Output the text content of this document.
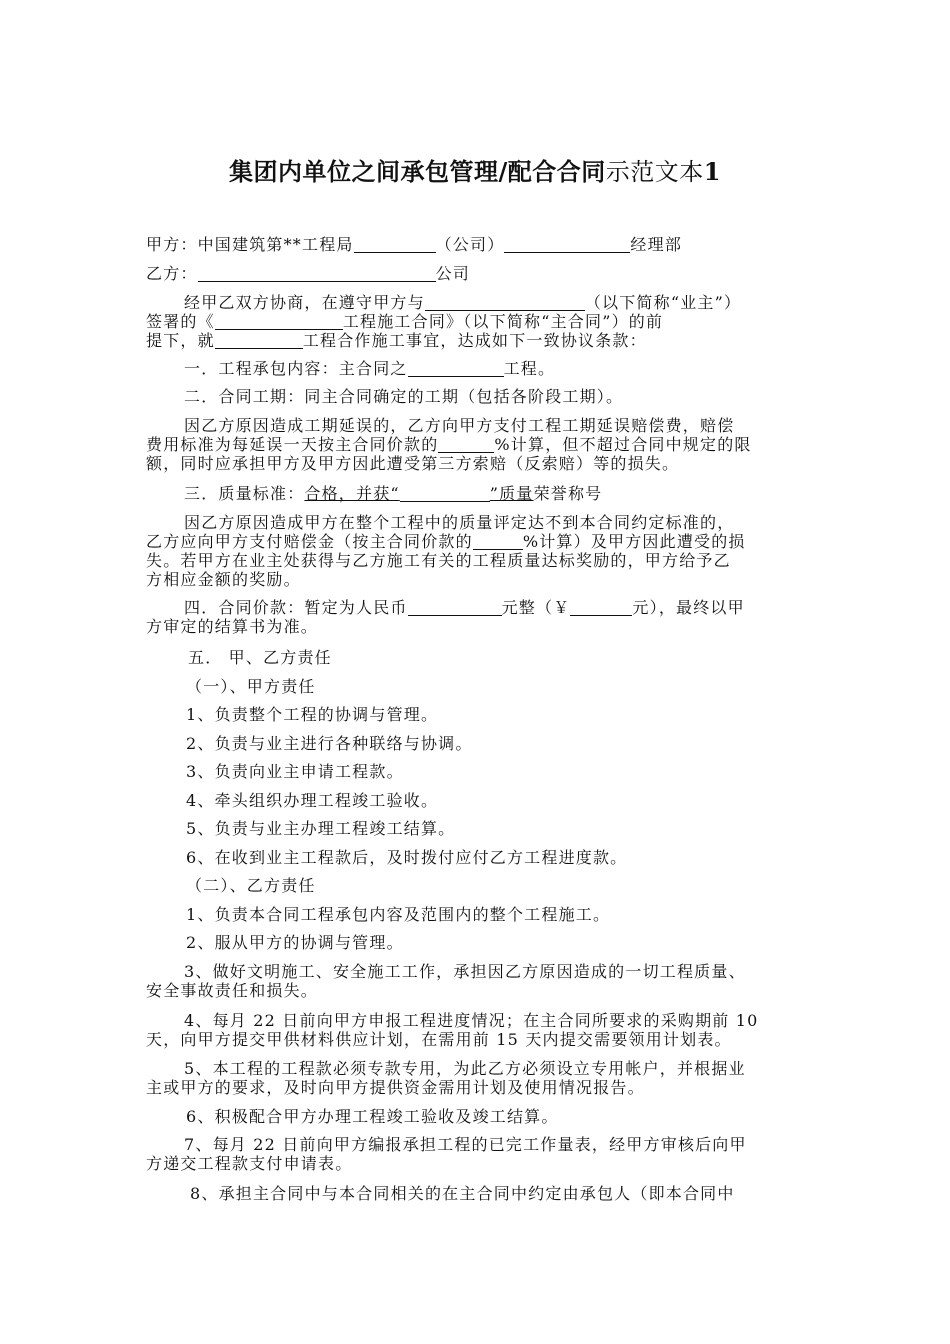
集团内单位之间承包管理/配合合同示范文本1
甲方：中国建筑第**工程局	（公司）	经理部
乙方：	公司
经甲乙双方协商，在遵守甲方与	（以下简称“业主”）
签署的《	工程施工合同》（以下简称“主合同”）的前
提下，就	工程合作施工事宜，达成如下一致协议条款：
一．工程承包内容：主合同之	工程。
二．合同工期：同主合同确定的工期（包括各阶段工期）。
因乙方原因造成工期延误的，乙方向甲方支付工程工期延误赔偿费，赔偿
费用标准为每延误一天按主合同价款的	%计算，但不超过合同中规定的限
额，同时应承担甲方及甲方因此遭受第三方索赔（反索赔）等的损失。
三．质量标准：合格，并获“	”质量荣誉称号
因乙方原因造成甲方在整个工程中的质量评定达不到本合同约定标准的，
乙方应向甲方支付赔偿金（按主合同价款的	%计算）及甲方因此遭受的损
失。若甲方在业主处获得与乙方施工有关的工程质量达标奖励的，甲方给予乙
方相应金额的奖励。
四．合同价款：暂定为人民币	元整（￥	元），最终以甲
方审定的结算书为准。
五． 甲、乙方责任
（一）、甲方责任
1、负责整个工程的协调与管理。
2、负责与业主进行各种联络与协调。
3、负责向业主申请工程款。
4、牵头组织办理工程竣工验收。
5、负责与业主办理工程竣工结算。
6、在收到业主工程款后，及时拨付应付乙方工程进度款。
（二）、乙方责任
1、负责本合同工程承包内容及范围内的整个工程施工。
2、服从甲方的协调与管理。
3、做好文明施工、安全施工工作，承担因乙方原因造成的一切工程质量、
安全事故责任和损失。
4、每月 22 日前向甲方申报工程进度情况；在主合同所要求的采购期前 10
天，向甲方提交甲供材料供应计划，在需用前 15 天内提交需要领用计划表。
5、本工程的工程款必须专款专用，为此乙方必须设立专用帐户，并根据业
主或甲方的要求，及时向甲方提供资金需用计划及使用情况报告。
6、积极配合甲方办理工程竣工验收及竣工结算。
7、每月 22 日前向甲方编报承担工程的已完工作量表，经甲方审核后向甲
方递交工程款支付申请表。
8、承担主合同中与本合同相关的在主合同中约定由承包人（即本合同中
